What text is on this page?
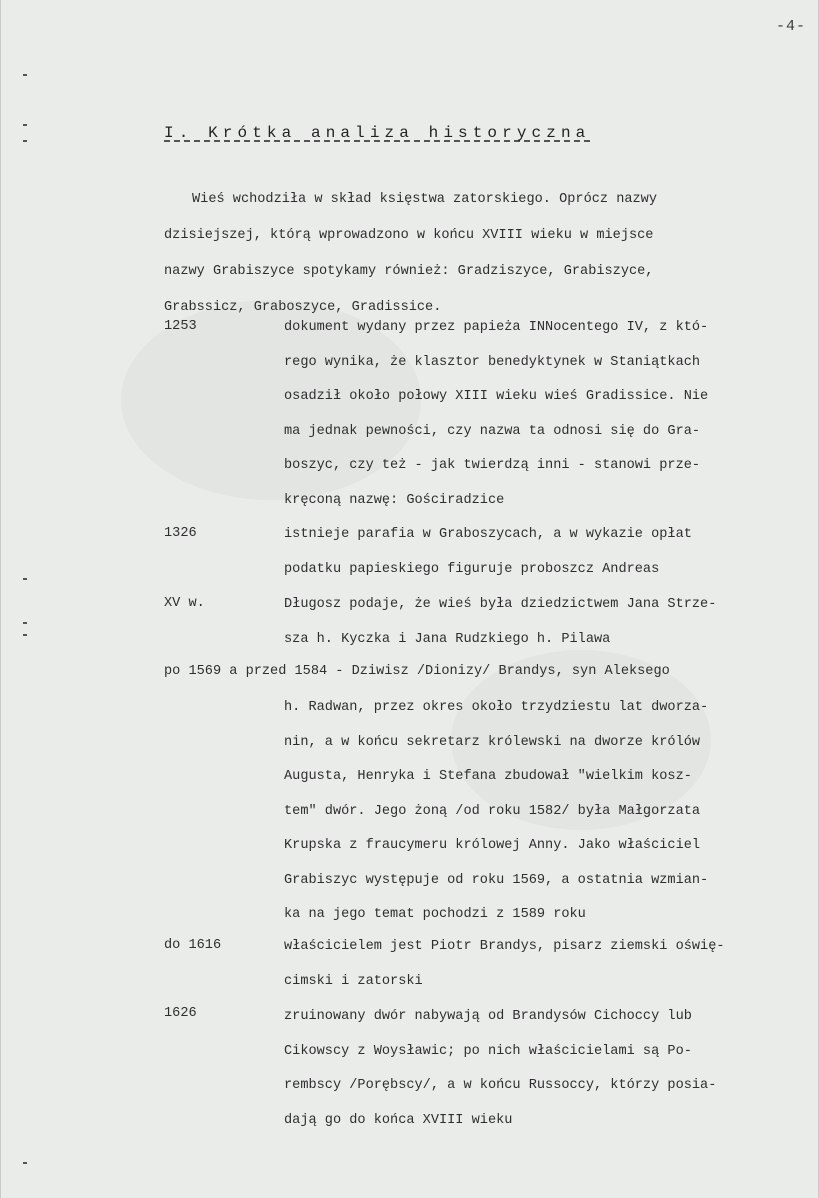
-4-
I. Krótka analiza historyczna
Wieś wchodziła w skład księstwa zatorskiego. Oprócz nazwy
dzisiejszej, którą wprowadzono w końcu XVIII wieku w miejsce
nazwy Grabiszyce spotykamy również: Gradziszyce, Grabiszyce,
Grabssicz, Graboszyce, Gradissice.
1253	dokument wydany przez papieża INNocentego IV, z któ-
rego wynika, że klasztor benedyktynek w Staniątkach
osadził około połowy XIII wieku wieś Gradissice. Nie
ma jednak pewności, czy nazwa ta odnosi się do Gra-
boszyc, czy też - jak twierdzą inni - stanowi prze-
kręconą nazwę: Gościradzice
1326	istnieje parafia w Graboszycach, a w wykazie opłat
podatku papieskiego figuruje proboszcz Andreas
XV w.	Długosz podaje, że wieś była dziedzictwem Jana Strze-
sza h. Kyczka i Jana Rudzkiego h. Pilawa
po 1569 a przed 1584 - Dziwisz /Dionizy/ Brandys, syn Aleksego
h. Radwan, przez okres około trzydziestu lat dworza-
nin, a w końcu sekretarz królewski na dworze królów
Augusta, Henryka i Stefana zbudował "wielkim kosz-
tem" dwór. Jego żoną /od roku 1582/ była Małgorzata
Krupska z fraucymeru królowej Anny. Jako właściciel
Grabiszyc występuje od roku 1569, a ostatnia wzmian-
ka na jego temat pochodzi z 1589 roku
do 1616	właścicielem jest Piotr Brandys, pisarz ziemski oświę-
cimski i zatorski
1626	zruinowany dwór nabywają od Brandysów Cichoccy lub
Cikowscy z Woysławic; po nich właścicielami są Po-
rembscy /Porębscy/, a w końcu Russoccy, którzy posia-
dają go do końca XVIII wieku
